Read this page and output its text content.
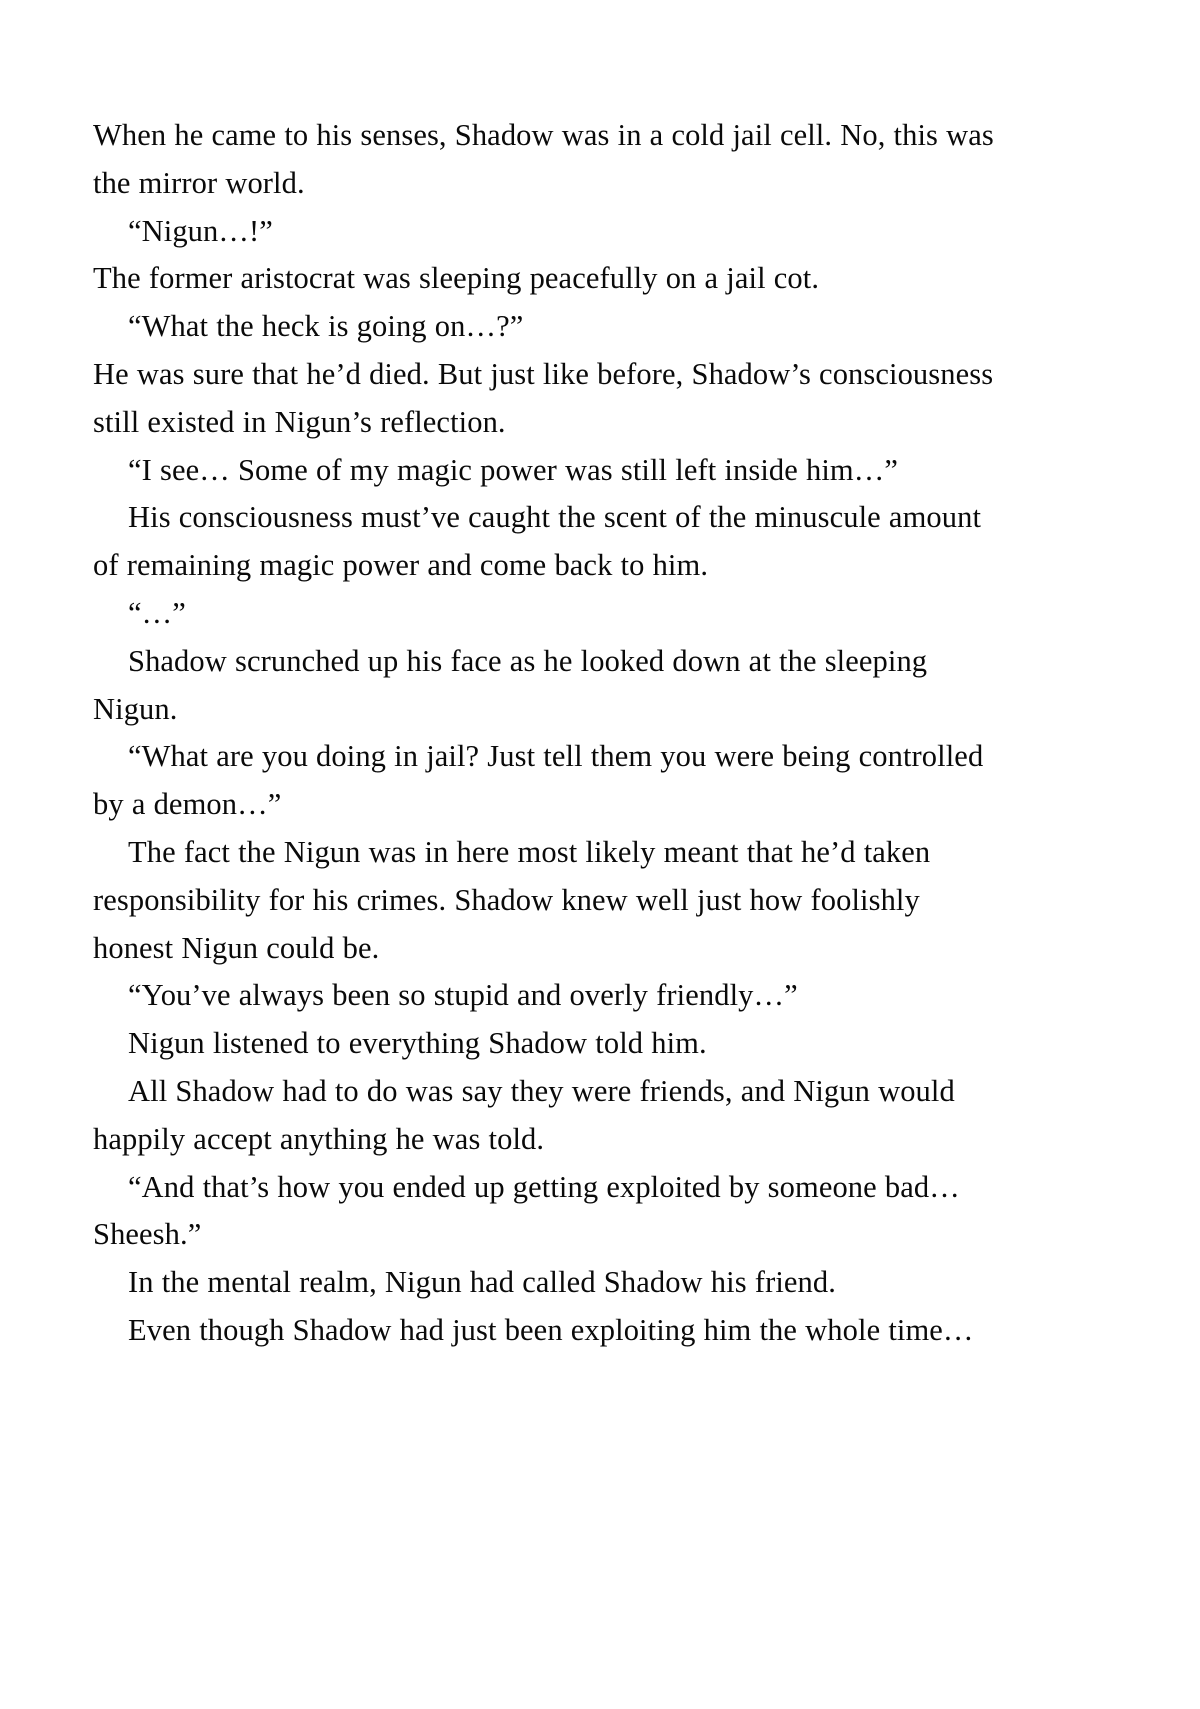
When he came to his senses, Shadow was in a cold jail cell. No, this was the mirror world.

“Nigun…!”

The former aristocrat was sleeping peacefully on a jail cot.

“What the heck is going on…?”

He was sure that he’d died. But just like before, Shadow’s consciousness still existed in Nigun’s reflection.

“I see… Some of my magic power was still left inside him…”

His consciousness must’ve caught the scent of the minuscule amount of remaining magic power and come back to him.

“…”

Shadow scrunched up his face as he looked down at the sleeping Nigun.

“What are you doing in jail? Just tell them you were being controlled by a demon…”

The fact the Nigun was in here most likely meant that he’d taken responsibility for his crimes. Shadow knew well just how foolishly honest Nigun could be.

“You’ve always been so stupid and overly friendly…”

Nigun listened to everything Shadow told him.

All Shadow had to do was say they were friends, and Nigun would happily accept anything he was told.

“And that’s how you ended up getting exploited by someone bad… Sheesh.”

In the mental realm, Nigun had called Shadow his friend.

Even though Shadow had just been exploiting him the whole time…
